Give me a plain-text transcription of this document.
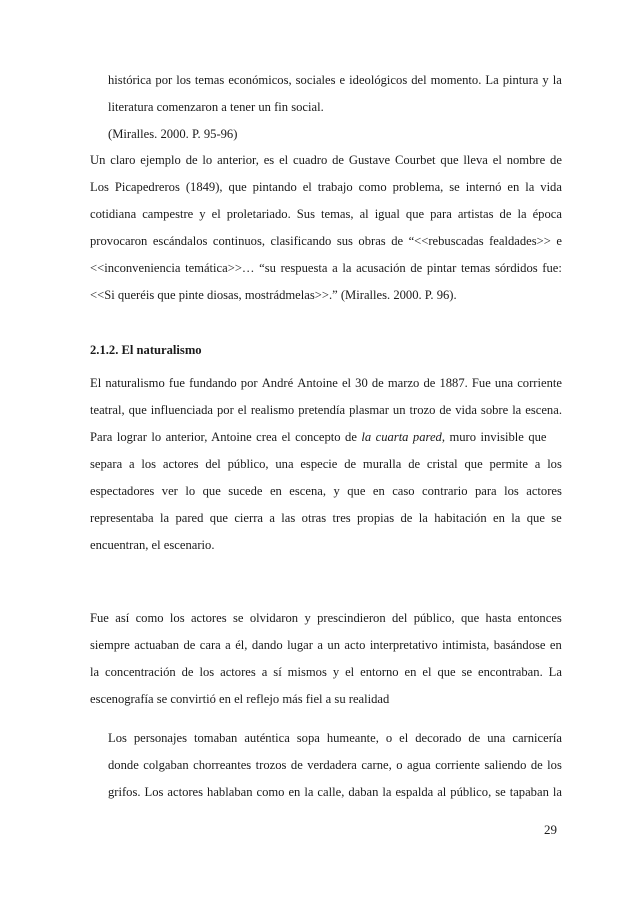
histórica por los temas económicos, sociales e ideológicos del momento. La pintura y la
literatura comenzaron a tener un fin social.
(Miralles. 2000. P. 95-96)
Un claro ejemplo de lo anterior, es el cuadro de Gustave Courbet que lleva el nombre de
Los Picapedreros (1849), que pintando el trabajo como problema, se internó en la vida
cotidiana campestre y el proletariado. Sus temas, al igual que para artistas de la época
provocaron escándalos continuos, clasificando sus obras de “<<rebuscadas fealdades>> e
<<inconveniencia temática>>… “su respuesta a la acusación de pintar temas sórdidos fue:
<<Si queréis que pinte diosas, mostrádmelas>>.” (Miralles. 2000. P. 96).
2.1.2. El naturalismo
El naturalismo fue fundando por André Antoine el 30 de marzo de 1887. Fue una corriente
teatral, que influenciada por el realismo pretendía plasmar un trozo de vida sobre la escena.
Para lograr lo anterior, Antoine crea el concepto de la cuarta pared, muro invisible que
separa a los actores del público, una especie de muralla de cristal que permite a los
espectadores ver lo que sucede en escena, y que en caso contrario para los actores
representaba la pared que cierra a las otras tres propias de la habitación en la que se
encuentran, el escenario.
Fue así como los actores se olvidaron y prescindieron del público, que hasta entonces
siempre actuaban de cara a él, dando lugar a un acto interpretativo intimista, basándose en
la concentración de los actores a sí mismos y el entorno en el que se encontraban. La
escenografía se convirtió en el reflejo más fiel a su realidad
Los personajes tomaban auténtica sopa humeante, o el decorado de una carnicería
donde colgaban chorreantes trozos de verdadera carne, o agua corriente saliendo de los
grifos. Los actores hablaban como en la calle, daban la espalda al público, se tapaban la
29
